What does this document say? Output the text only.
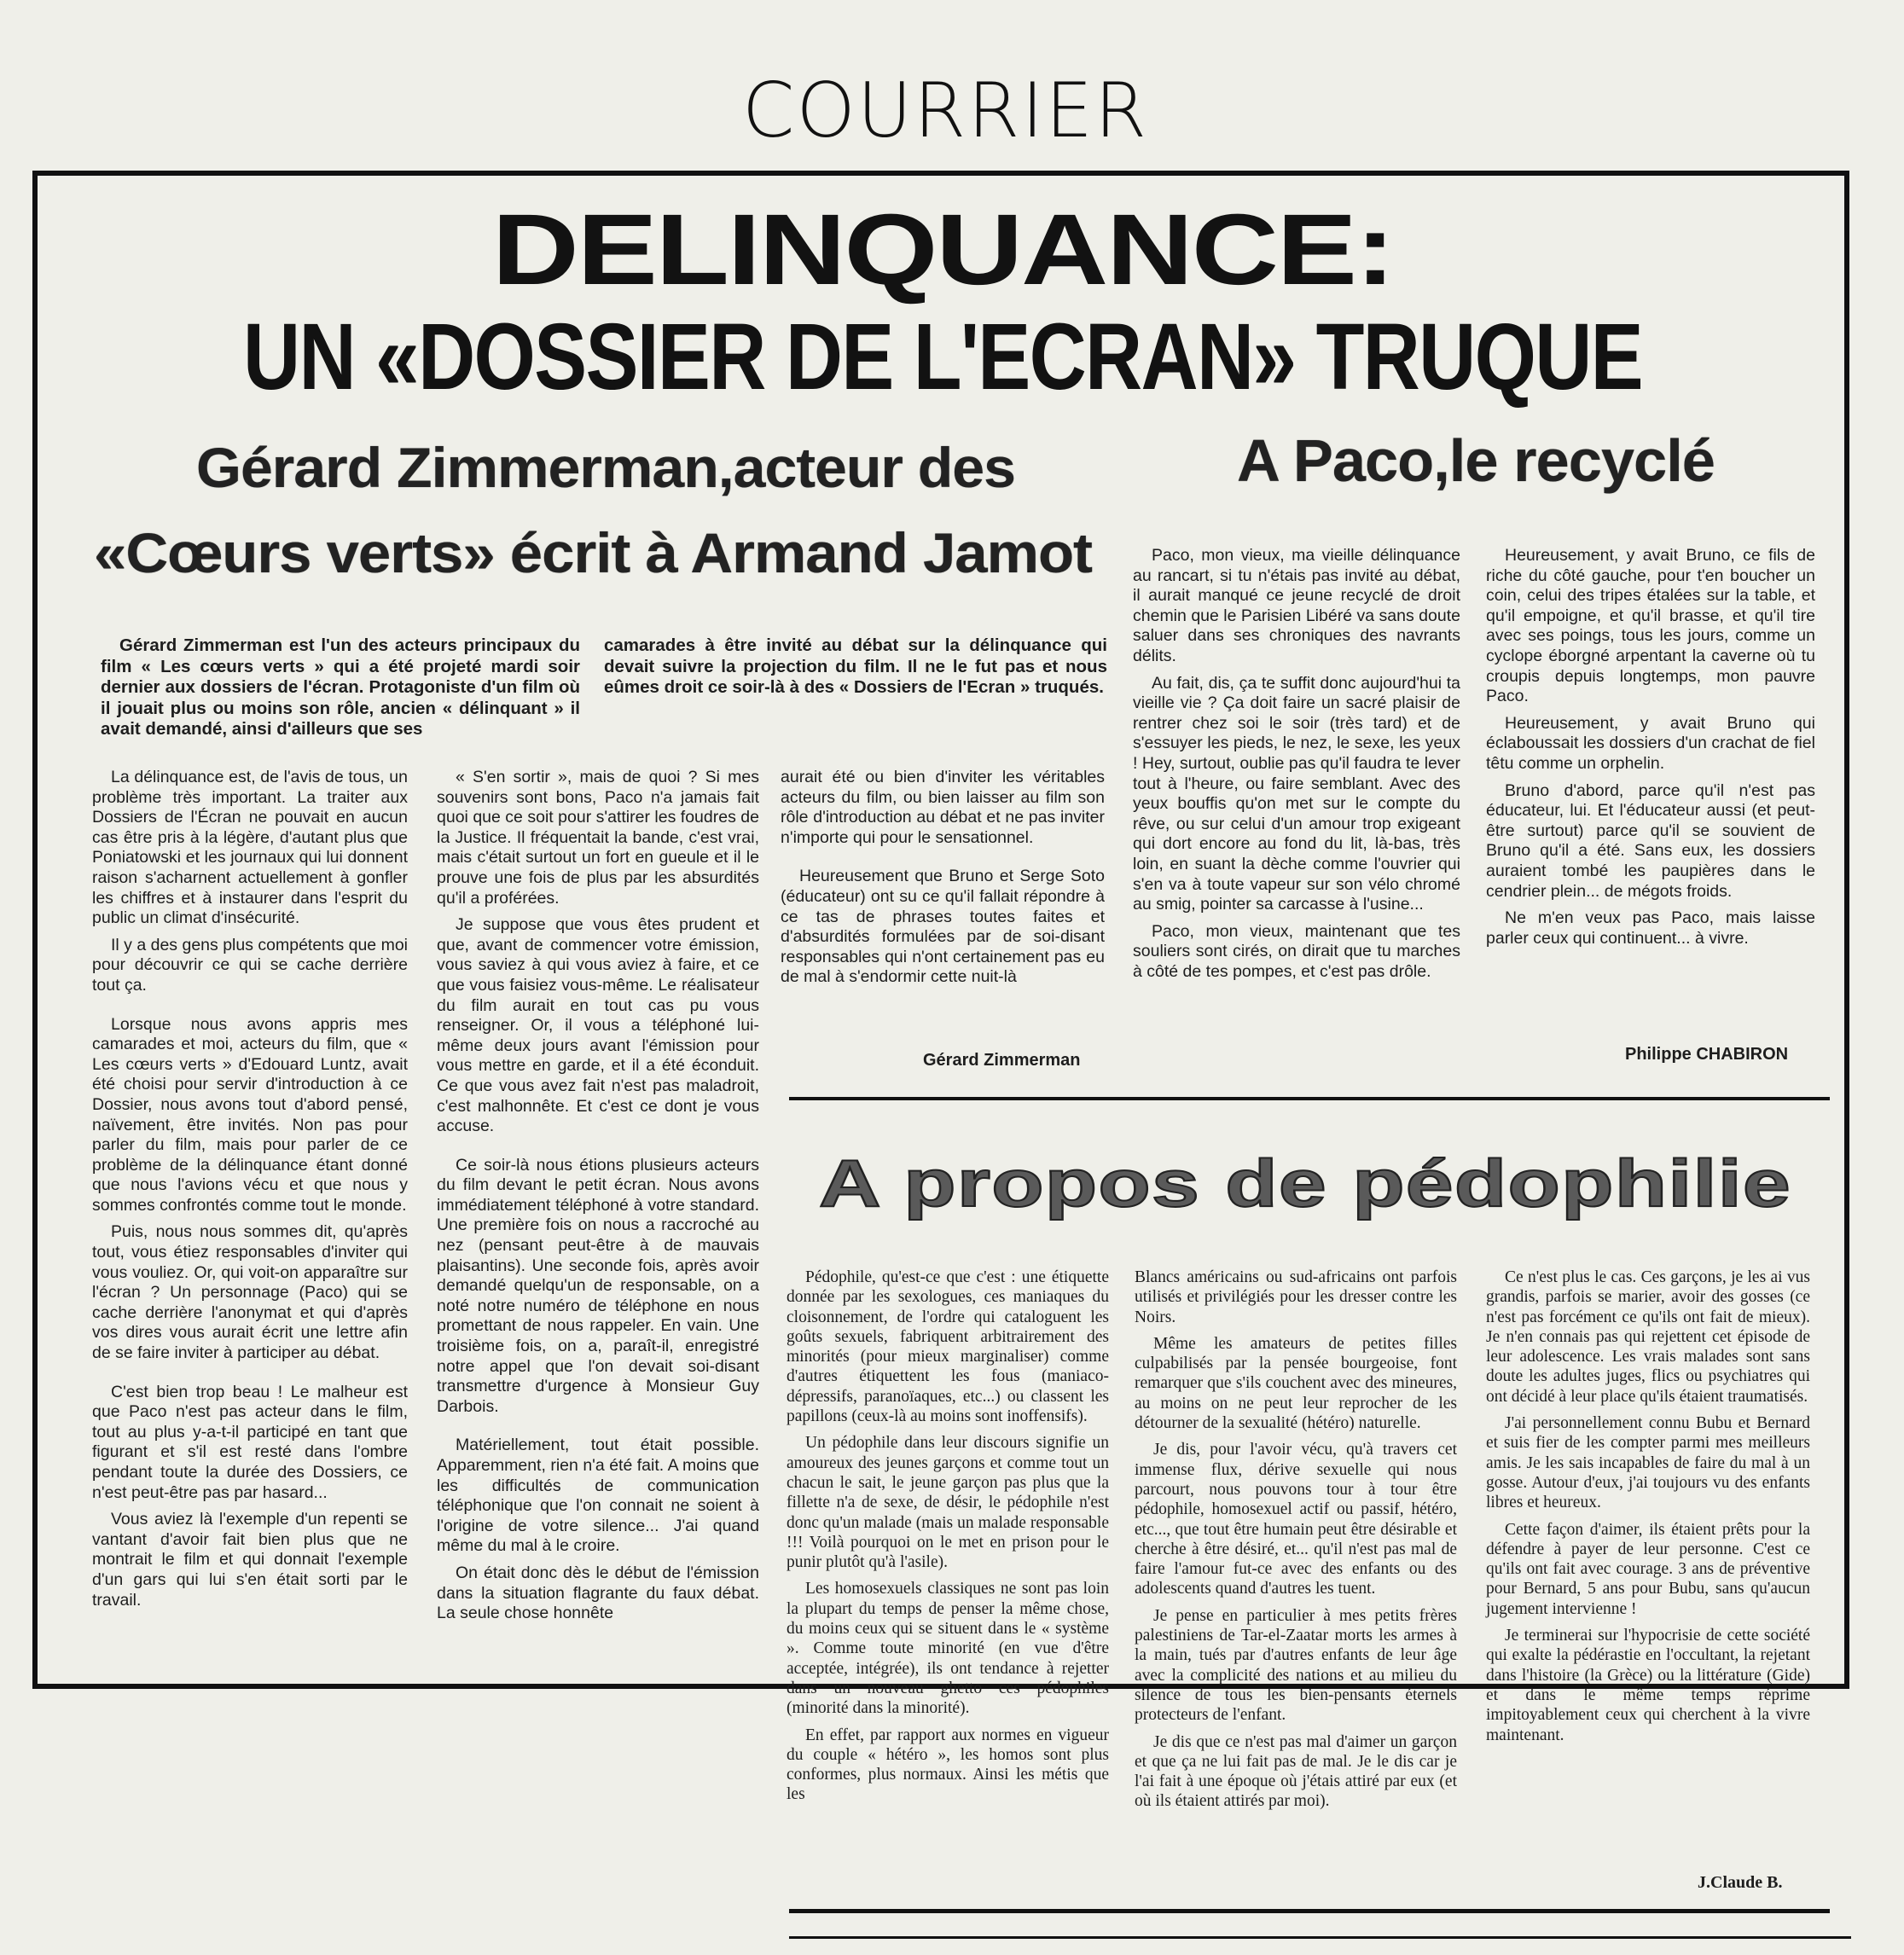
COURRIER
DELINQUANCE:
UN «DOSSIER DE L'ECRAN» TRUQUE
Gérard Zimmerman,acteur des
«Cœurs verts» écrit à Armand Jamot

Gérard Zimmerman est l'un des acteurs principaux du film « Les cœurs verts » qui a été projeté mardi soir dernier aux dossiers de l'écran. Protagoniste d'un film où il jouait plus ou moins son rôle, ancien « délinquant » il avait demandé, ainsi d'ailleurs que ses

camarades à être invité au débat sur la délinquance qui devait suivre la projection du film. Il ne le fut pas et nous eûmes droit ce soir-là à des « Dossiers de l'Ecran » truqués.

La délinquance est, de l'avis de tous, un problème très important. La traiter aux Dossiers de l'Écran ne pouvait en aucun cas être pris à la légère, d'autant plus que Poniatowski et les journaux qui lui donnent raison s'acharnent actuellement à gonfler les chiffres et à instaurer dans l'esprit du public un climat d'insécurité.

Il y a des gens plus compétents que moi pour découvrir ce qui se cache derrière tout ça.

Lorsque nous avons appris mes camarades et moi, acteurs du film, que « Les cœurs verts » d'Edouard Luntz, avait été choisi pour servir d'introduction à ce Dossier, nous avons tout d'abord pensé, naïvement, être invités. Non pas pour parler du film, mais pour parler de ce problème de la délinquance étant donné que nous l'avions vécu et que nous y sommes confrontés comme tout le monde.

Puis, nous nous sommes dit, qu'après tout, vous étiez responsables d'inviter qui vous vouliez. Or, qui voit-on apparaître sur l'écran ? Un personnage (Paco) qui se cache derrière l'anonymat et qui d'après vos dires vous aurait écrit une lettre afin de se faire inviter à participer au débat.

C'est bien trop beau ! Le malheur est que Paco n'est pas acteur dans le film, tout au plus y-a-t-il participé en tant que figurant et s'il est resté dans l'ombre pendant toute la durée des Dossiers, ce n'est peut-être pas par hasard...

Vous aviez là l'exemple d'un repenti se vantant d'avoir fait bien plus que ne montrait le film et qui donnait l'exemple d'un gars qui lui s'en était sorti par le travail.

« S'en sortir », mais de quoi ? Si mes souvenirs sont bons, Paco n'a jamais fait quoi que ce soit pour s'attirer les foudres de la Justice. Il fréquentait la bande, c'est vrai, mais c'était surtout un fort en gueule et il le prouve une fois de plus par les absurdités qu'il a proférées.

Je suppose que vous êtes prudent et que, avant de commencer votre émission, vous saviez à qui vous aviez à faire, et ce que vous faisiez vous-même. Le réalisateur du film aurait en tout cas pu vous renseigner. Or, il vous a téléphoné lui-même deux jours avant l'émission pour vous mettre en garde, et il a été éconduit. Ce que vous avez fait n'est pas maladroit, c'est malhonnête. Et c'est ce dont je vous accuse.

Ce soir-là nous étions plusieurs acteurs du film devant le petit écran. Nous avons immédiatement téléphoné à votre standard. Une première fois on nous a raccroché au nez (pensant peut-être à de mauvais plaisantins). Une seconde fois, après avoir demandé quelqu'un de responsable, on a noté notre numéro de téléphone en nous promettant de nous rappeler. En vain. Une troisième fois, on a, paraît-il, enregistré notre appel que l'on devait soi-disant transmettre d'urgence à Monsieur Guy Darbois.

Matériellement, tout était possible. Apparemment, rien n'a été fait. A moins que les difficultés de communication téléphonique que l'on connait ne soient à l'origine de votre silence... J'ai quand même du mal à le croire.

On était donc dès le début de l'émission dans la situation flagrante du faux débat. La seule chose honnête

aurait été ou bien d'inviter les véritables acteurs du film, ou bien laisser au film son rôle d'introduction au débat et ne pas inviter n'importe qui pour le sensationnel.

Heureusement que Bruno et Serge Soto (éducateur) ont su ce qu'il fallait répondre à ce tas de phrases toutes faites et d'absurdités formulées par de soi-disant responsables qui n'ont certainement pas eu de mal à s'endormir cette nuit-là

Gérard Zimmerman
A Paco,le recyclé

Paco, mon vieux, ma vieille délinquance au rancart, si tu n'étais pas invité au débat, il aurait manqué ce jeune recyclé de droit chemin que le Parisien Libéré va sans doute saluer dans ses chroniques des navrants délits.

Au fait, dis, ça te suffit donc aujourd'hui ta vieille vie ? Ça doit faire un sacré plaisir de rentrer chez soi le soir (très tard) et de s'essuyer les pieds, le nez, le sexe, les yeux ! Hey, surtout, oublie pas qu'il faudra te lever tout à l'heure, ou faire semblant. Avec des yeux bouffis qu'on met sur le compte du rêve, ou sur celui d'un amour trop exigeant qui dort encore au fond du lit, là-bas, très loin, en suant la dèche comme l'ouvrier qui s'en va à toute vapeur sur son vélo chromé au smig, pointer sa carcasse à l'usine...

Paco, mon vieux, maintenant que tes souliers sont cirés, on dirait que tu marches à côté de tes pompes, et c'est pas drôle.

Heureusement, y avait Bruno, ce fils de riche du côté gauche, pour t'en boucher un coin, celui des tripes étalées sur la table, et qu'il empoigne, et qu'il brasse, et qu'il tire avec ses poings, tous les jours, comme un cyclope éborgné arpentant la caverne où tu croupis depuis longtemps, mon pauvre Paco.

Heureusement, y avait Bruno qui éclaboussait les dossiers d'un crachat de fiel têtu comme un orphelin.

Bruno d'abord, parce qu'il n'est pas éducateur, lui. Et l'éducateur aussi (et peut-être surtout) parce qu'il se souvient de Bruno qu'il a été. Sans eux, les dossiers auraient tombé les paupières dans le cendrier plein... de mégots froids.

Ne m'en veux pas Paco, mais laisse parler ceux qui continuent... à vivre.

Philippe CHABIRON
A propos de pédophilie

Pédophile, qu'est-ce que c'est : une étiquette donnée par les sexologues, ces maniaques du cloisonnement, de l'ordre qui cataloguent les goûts sexuels, fabriquent arbitrairement des minorités (pour mieux marginaliser) comme d'autres étiquettent les fous (maniaco-dépressifs, paranoïaques, etc...) ou classent les papillons (ceux-là au moins sont inoffensifs).

Un pédophile dans leur discours signifie un amoureux des jeunes garçons et comme tout un chacun le sait, le jeune garçon pas plus que la fillette n'a de sexe, de désir, le pédophile n'est donc qu'un malade (mais un malade responsable !!! Voilà pourquoi on le met en prison pour le punir plutôt qu'à l'asile).

Les homosexuels classiques ne sont pas loin la plupart du temps de penser la même chose, du moins ceux qui se situent dans le « système ». Comme toute minorité (en vue d'être acceptée, intégrée), ils ont tendance à rejetter dans un nouveau ghetto ces pédophiles (minorité dans la minorité).

En effet, par rapport aux normes en vigueur du couple « hétéro », les homos sont plus conformes, plus normaux. Ainsi les métis que les

Blancs américains ou sud-africains ont parfois utilisés et privilégiés pour les dresser contre les Noirs.

Même les amateurs de petites filles culpabilisés par la pensée bourgeoise, font remarquer que s'ils couchent avec des mineures, au moins on ne peut leur reprocher de les détourner de la sexualité (hétéro) naturelle.

Je dis, pour l'avoir vécu, qu'à travers cet immense flux, dérive sexuelle qui nous parcourt, nous pouvons tour à tour être pédophile, homosexuel actif ou passif, hétéro, etc..., que tout être humain peut être désirable et cherche à être désiré, et... qu'il n'est pas mal de faire l'amour fut-ce avec des enfants ou des adolescents quand d'autres les tuent.

Je pense en particulier à mes petits frères palestiniens de Tar-el-Zaatar morts les armes à la main, tués par d'autres enfants de leur âge avec la complicité des nations et au milieu du silence de tous les bien-pensants éternels protecteurs de l'enfant.

Je dis que ce n'est pas mal d'aimer un garçon et que ça ne lui fait pas de mal. Je le dis car je l'ai fait à une époque où j'étais attiré par eux (et où ils étaient attirés par moi).

Ce n'est plus le cas. Ces garçons, je les ai vus grandis, parfois se marier, avoir des gosses (ce n'est pas forcément ce qu'ils ont fait de mieux). Je n'en connais pas qui rejettent cet épisode de leur adolescence. Les vrais malades sont sans doute les adultes juges, flics ou psychiatres qui ont décidé à leur place qu'ils étaient traumatisés.

J'ai personnellement connu Bubu et Bernard et suis fier de les compter parmi mes meilleurs amis. Je les sais incapables de faire du mal à un gosse. Autour d'eux, j'ai toujours vu des enfants libres et heureux.

Cette façon d'aimer, ils étaient prêts pour la défendre à payer de leur personne. C'est ce qu'ils ont fait avec courage. 3 ans de préventive pour Bernard, 5 ans pour Bubu, sans qu'aucun jugement intervienne !

Je terminerai sur l'hypocrisie de cette société qui exalte la pédérastie en l'occultant, la rejetant dans l'histoire (la Grèce) ou la littérature (Gide) et dans le même temps réprime impitoyablement ceux qui cherchent à la vivre maintenant.

J.Claude B.
